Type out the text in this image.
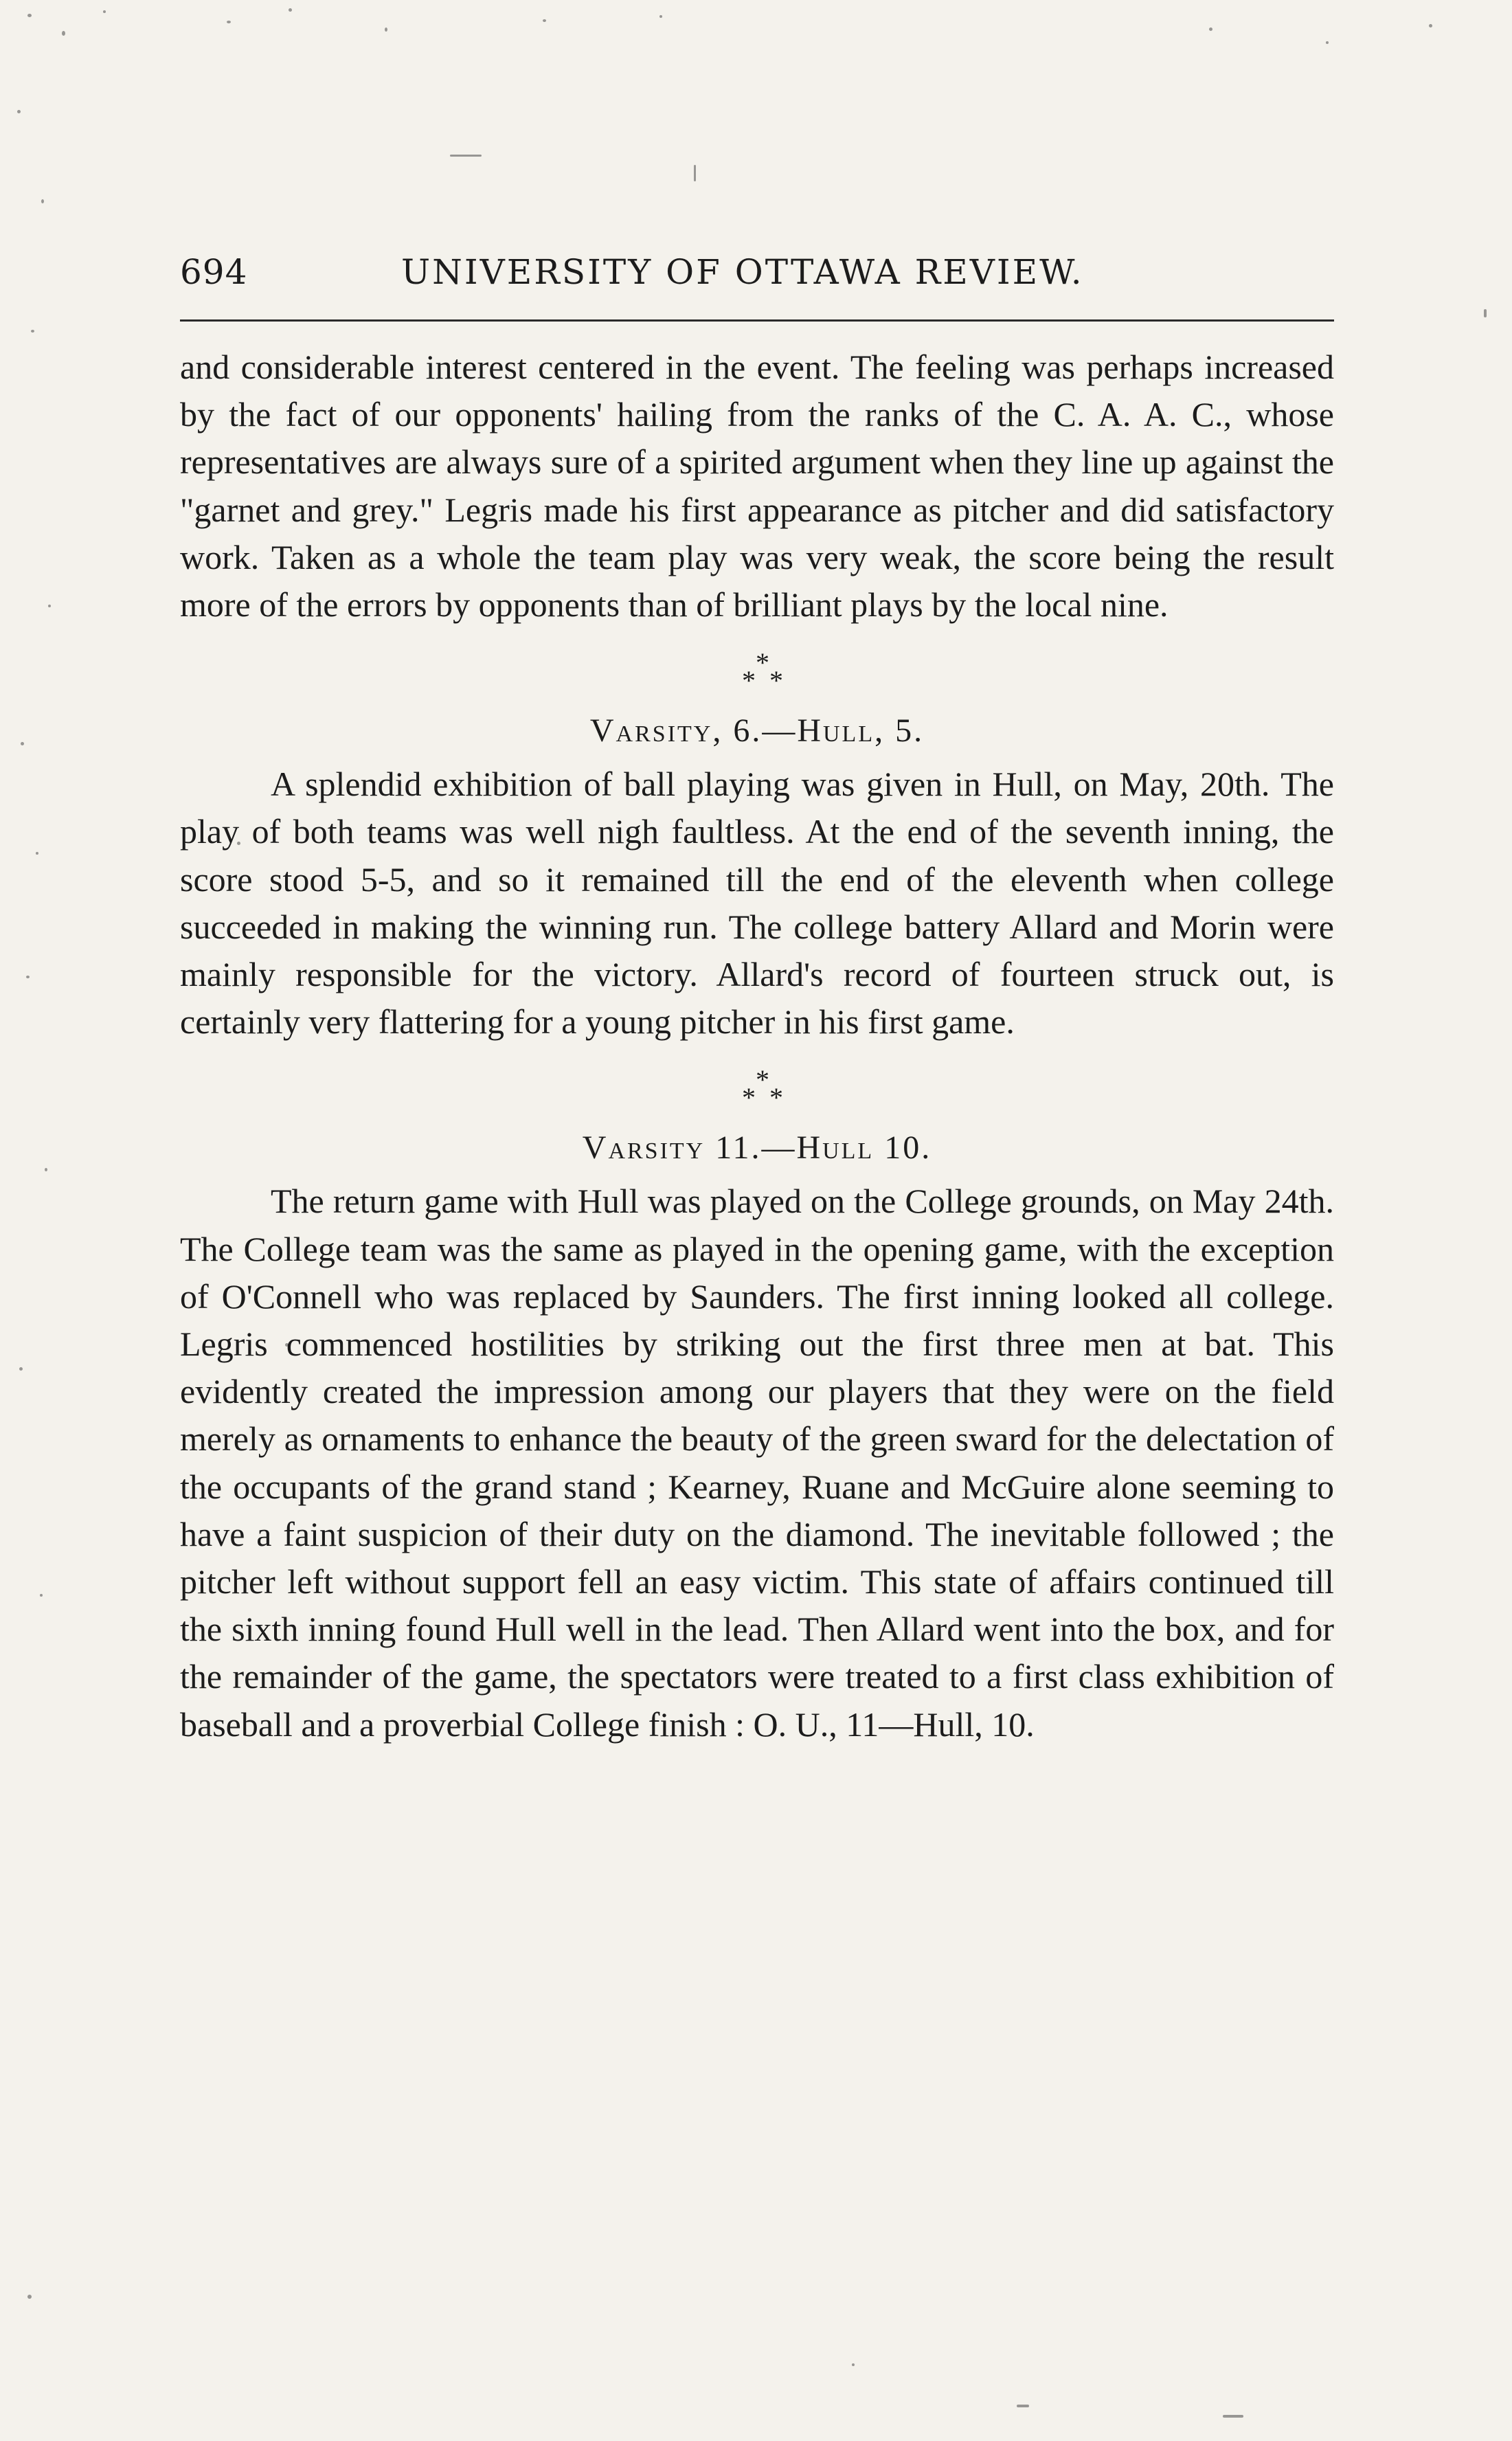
694	UNIVERSITY OF OTTAWA REVIEW.

and considerable interest centered in the event. The feeling was perhaps increased by the fact of our opponents' hailing from the ranks of the C. A. A. C., whose representatives are always sure of a spirited argument when they line up against the "garnet and grey." Legris made his first appearance as pitcher and did satisfactory work. Taken as a whole the team play was very weak, the score being the result more of the errors by opponents than of brilliant plays by the local nine.

*
* *
Varsity, 6.—Hull, 5.

A splendid exhibition of ball playing was given in Hull, on May, 20th. The play of both teams was well nigh faultless. At the end of the seventh inning, the score stood 5-5, and so it remained till the end of the eleventh when college succeeded in making the winning run. The college battery Allard and Morin were mainly responsible for the victory. Allard's record of fourteen struck out, is certainly very flattering for a young pitcher in his first game.

*
* *
Varsity 11.—Hull 10.

The return game with Hull was played on the College grounds, on May 24th. The College team was the same as played in the opening game, with the exception of O'Connell who was replaced by Saunders. The first inning looked all college. Legris commenced hostilities by striking out the first three men at bat. This evidently created the impression among our players that they were on the field merely as ornaments to enhance the beauty of the green sward for the delectation of the occupants of the grand stand ; Kearney, Ruane and McGuire alone seeming to have a faint suspicion of their duty on the diamond. The inevitable followed ; the pitcher left without support fell an easy victim. This state of affairs continued till the sixth inning found Hull well in the lead. Then Allard went into the box, and for the remainder of the game, the spectators were treated to a first class exhibition of baseball and a proverbial College finish : O. U., 11—Hull, 10.
